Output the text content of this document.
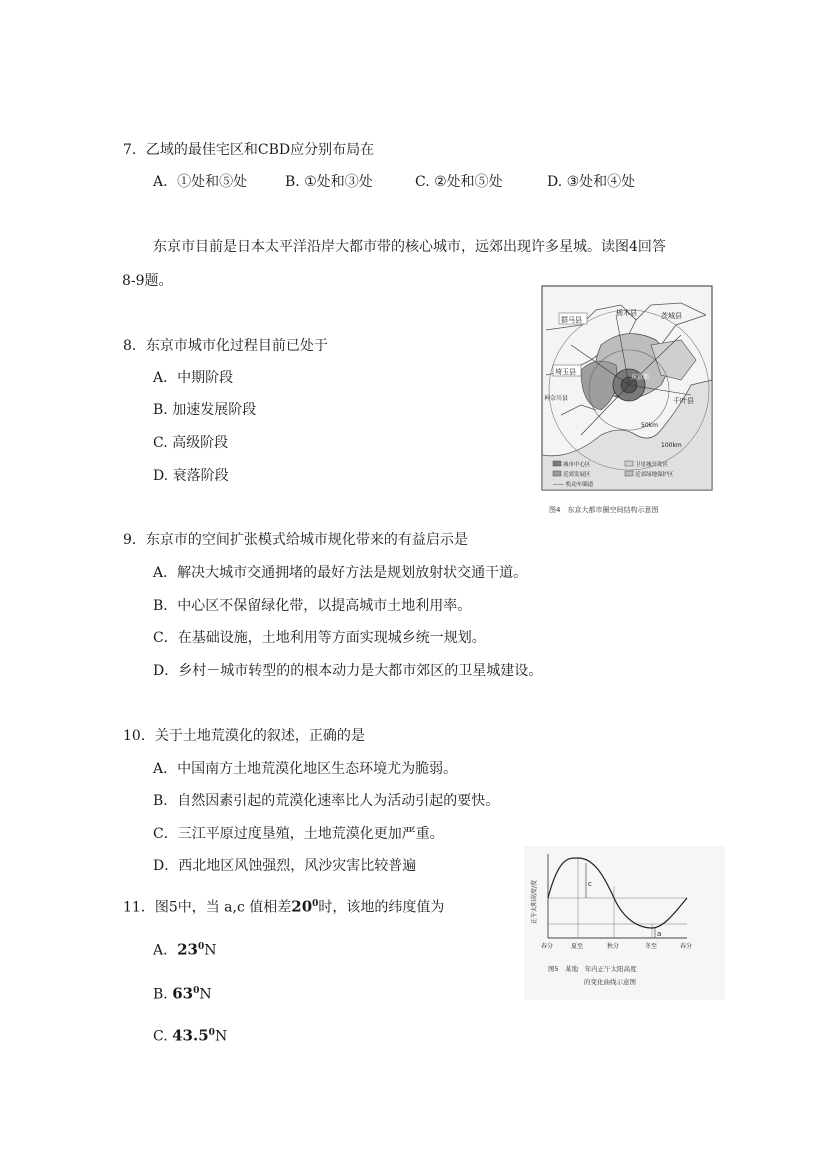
7．乙域的最佳宅区和CBD应分别布局在
A．①处和⑤处	B. ①处和③处	C. ②处和⑤处	D. ③处和④处
东京市目前是日本太平洋沿岸大都市带的核心城市，远郊出现许多星城。读图4回答
8-9题。
8．东京市城市化过程目前已处于
A．中期阶段
B. 加速发展阶段
C. 高级阶段
D. 衰落阶段
群马县
栃木县	茨城县
埼玉县
东京都
神奈川县	千叶县
50km
100km
城市中心区	卫星城开发区
近郊发展区	近郊绿地保护区
—— 机动车圈道
图4　东京大都市圈空间结构示意图
9．东京市的空间扩张模式给城市规化带来的有益启示是
A．解决大城市交通拥堵的最好方法是规划放射状交通干道。
B．中心区不保留绿化带，以提高城市土地利用率。
C．在基础设施，土地利用等方面实现城乡统一规划。
D．乡村－城市转型的的根本动力是大都市郊区的卫星城建设。
10．关于土地荒漠化的叙述，正确的是
A．中国南方土地荒漠化地区生态环境尤为脆弱。
B．自然因素引起的荒漠化速率比人为活动引起的要快。
C．三江平原过度垦殖，土地荒漠化更加严重。
D．西北地区风蚀强烈，风沙灾害比较普遍
c
a
正午太阳高度/度
春分	夏至	秋分	冬至	春分
图5　某地　年内正午太阳高度
的变化曲线示意图
11．图5中，当 a,c 值相差$20^0$时，该地的纬度值为
A．$23^0N$
B. $63^0N$
C. 43.5$^0$N
